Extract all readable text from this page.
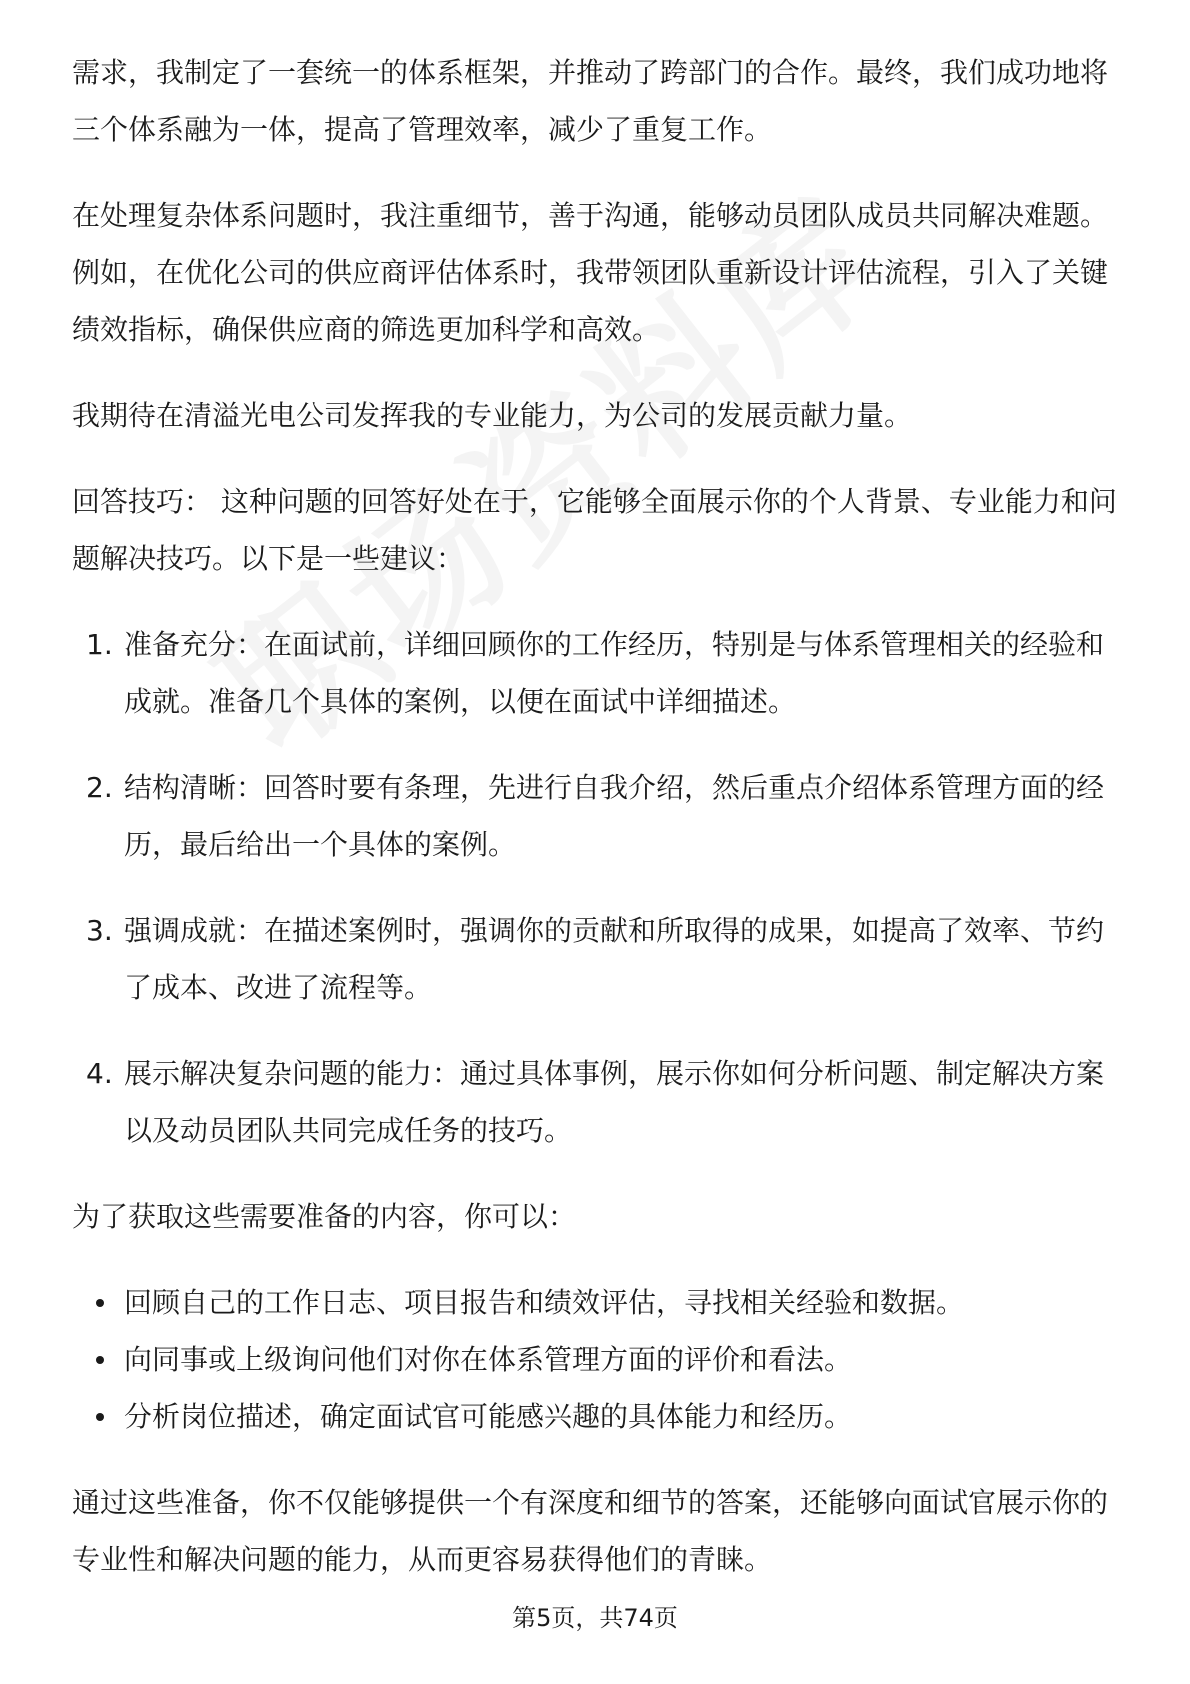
需求，我制定了一套统一的体系框架，并推动了跨部门的合作。最终，我们成功地将三个体系融为一体，提高了管理效率，减少了重复工作。

在处理复杂体系问题时，我注重细节，善于沟通，能够动员团队成员共同解决难题。例如，在优化公司的供应商评估体系时，我带领团队重新设计评估流程，引入了关键绩效指标，确保供应商的筛选更加科学和高效。

我期待在清溢光电公司发挥我的专业能力，为公司的发展贡献力量。

回答技巧： 这种问题的回答好处在于，它能够全面展示你的个人背景、专业能力和问题解决技巧。以下是一些建议：

1. 准备充分：在面试前，详细回顾你的工作经历，特别是与体系管理相关的经验和成就。准备几个具体的案例，以便在面试中详细描述。
2. 结构清晰：回答时要有条理，先进行自我介绍，然后重点介绍体系管理方面的经历，最后给出一个具体的案例。
3. 强调成就：在描述案例时，强调你的贡献和所取得的成果，如提高了效率、节约了成本、改进了流程等。
4. 展示解决复杂问题的能力：通过具体事例，展示你如何分析问题、制定解决方案以及动员团队共同完成任务的技巧。

为了获取这些需要准备的内容，你可以：

回顾自己的工作日志、项目报告和绩效评估，寻找相关经验和数据。
向同事或上级询问他们对你在体系管理方面的评价和看法。
分析岗位描述，确定面试官可能感兴趣的具体能力和经历。

通过这些准备，你不仅能够提供一个有深度和细节的答案，还能够向面试官展示你的专业性和解决问题的能力，从而更容易获得他们的青睐。

第5页，共74页
